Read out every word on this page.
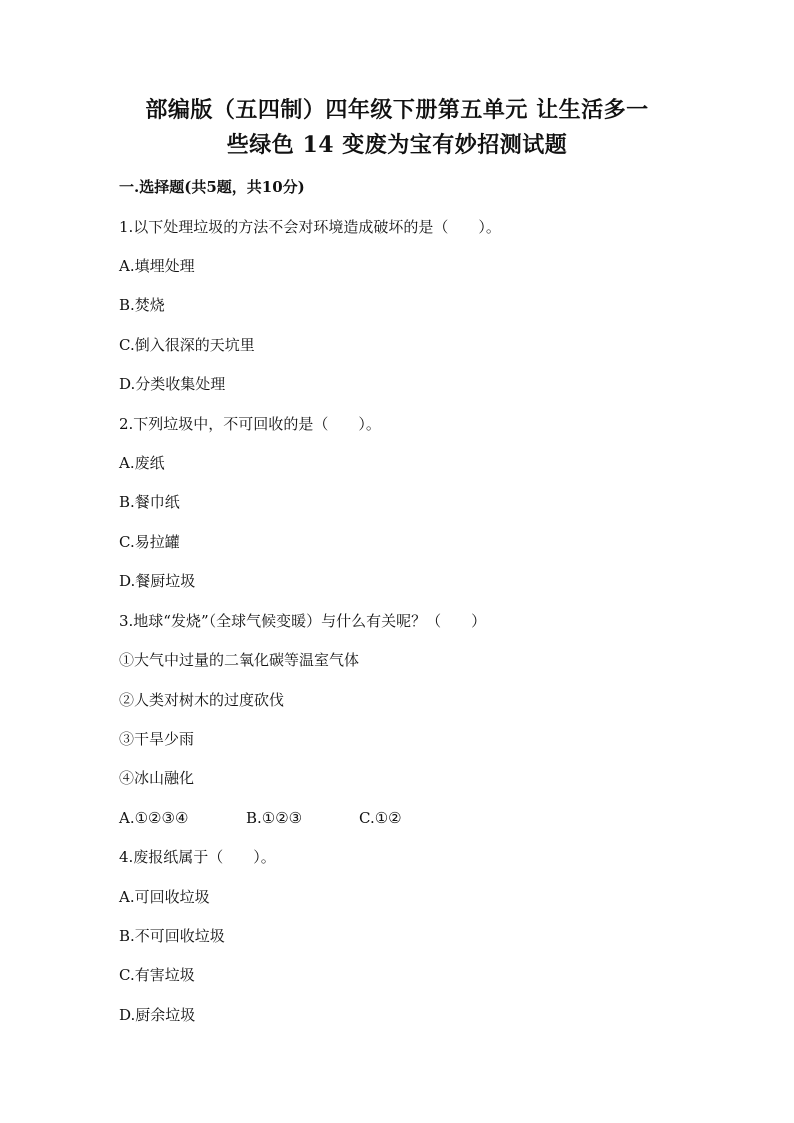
部编版（五四制）四年级下册第五单元 让生活多一
些绿色 14 变废为宝有妙招测试题
一.选择题(共5题，共10分)
1.以下处理垃圾的方法不会对环境造成破坏的是（　　）。
A.填埋处理
B.焚烧
C.倒入很深的天坑里
D.分类收集处理
2.下列垃圾中，不可回收的是（　　）。
A.废纸
B.餐巾纸
C.易拉罐
D.餐厨垃圾
3.地球“发烧”（全球气候变暖）与什么有关呢？（　　）
①大气中过量的二氧化碳等温室气体
②人类对树木的过度砍伐
③干旱少雨
④冰山融化
A.①②③④	B.①②③	C.①②
4.废报纸属于（　　）。
A.可回收垃圾
B.不可回收垃圾
C.有害垃圾
D.厨余垃圾
